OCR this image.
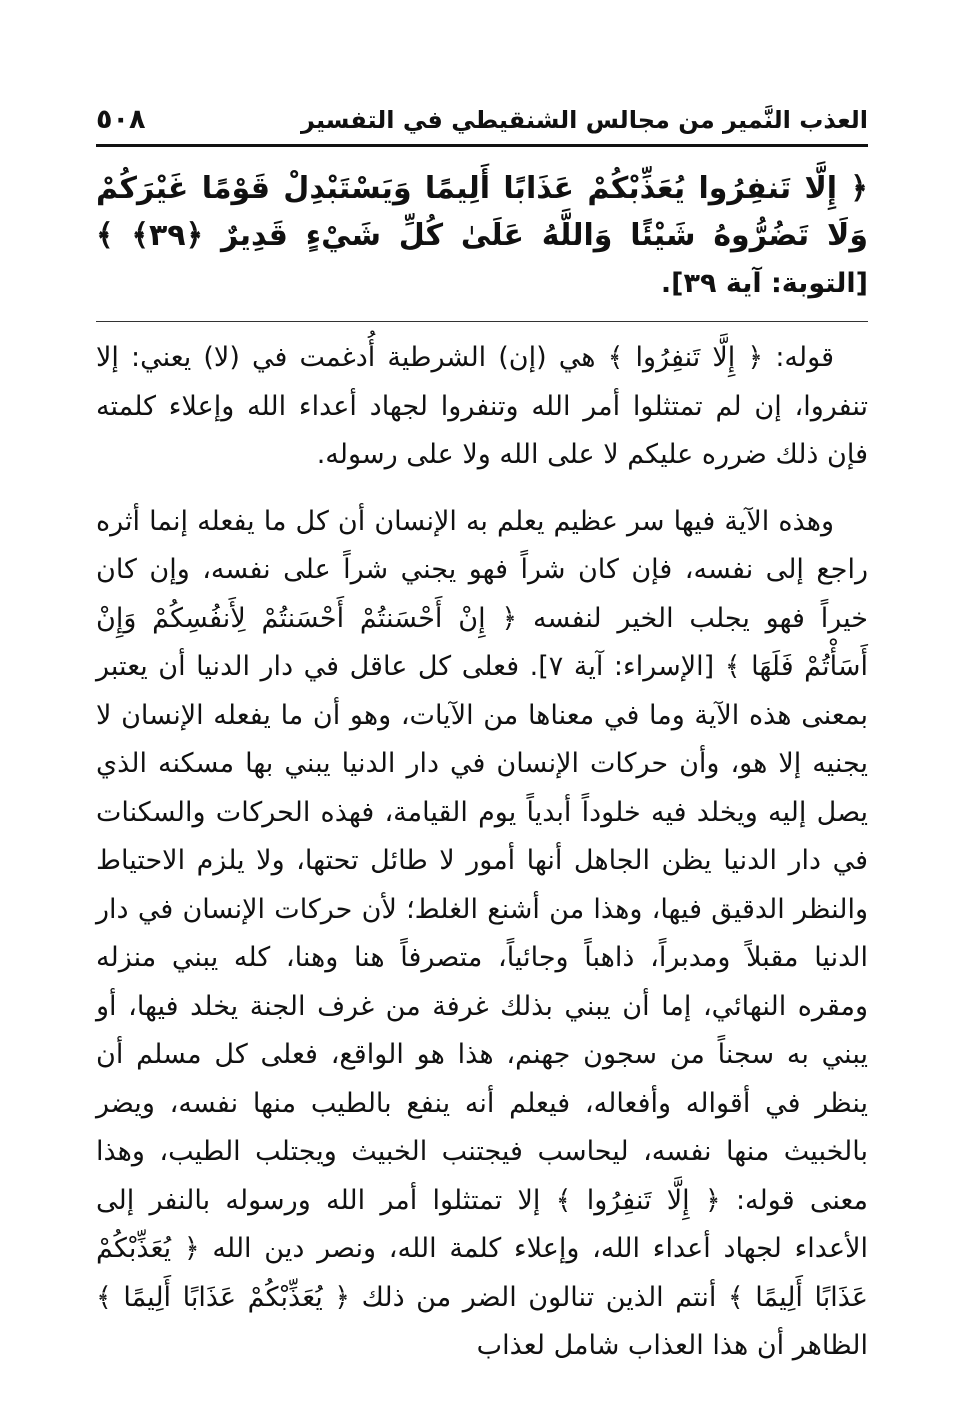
العذب النَّمير من مجالس الشنقيطي في التفسير
٥٠٨
﴿ إِلَّا تَنفِرُوا يُعَذِّبْكُمْ عَذَابًا أَلِيمًا وَيَسْتَبْدِلْ قَوْمًا غَيْرَكُمْ وَلَا تَضُرُّوهُ شَيْئًا وَاللَّهُ عَلَىٰ كُلِّ شَيْءٍ قَدِيرٌ ﴿٣٩﴾ ﴾ [التوبة: آية ٣٩].

قوله: ﴿ إِلَّا تَنفِرُوا ﴾ هي (إن) الشرطية أُدغمت في (لا) يعني: إلا تنفروا، إن لم تمتثلوا أمر الله وتنفروا لجهاد أعداء الله وإعلاء كلمته فإن ذلك ضرره عليكم لا على الله ولا على رسوله.

وهذه الآية فيها سر عظيم يعلم به الإنسان أن كل ما يفعله إنما أثره راجع إلى نفسه، فإن كان شراً فهو يجني شراً على نفسه، وإن كان خيراً فهو يجلب الخير لنفسه ﴿ إِنْ أَحْسَنتُمْ أَحْسَنتُمْ لِأَنفُسِكُمْ وَإِنْ أَسَأْتُمْ فَلَهَا ﴾ [الإسراء: آية ٧]. فعلى كل عاقل في دار الدنيا أن يعتبر بمعنى هذه الآية وما في معناها من الآيات، وهو أن ما يفعله الإنسان لا يجنيه إلا هو، وأن حركات الإنسان في دار الدنيا يبني بها مسكنه الذي يصل إليه ويخلد فيه خلوداً أبدياً يوم القيامة، فهذه الحركات والسكنات في دار الدنيا يظن الجاهل أنها أمور لا طائل تحتها، ولا يلزم الاحتياط والنظر الدقيق فيها، وهذا من أشنع الغلط؛ لأن حركات الإنسان في دار الدنيا مقبلاً ومدبراً، ذاهباً وجائياً، متصرفاً هنا وهنا، كله يبني منزله ومقره النهائي، إما أن يبني بذلك غرفة من غرف الجنة يخلد فيها، أو يبني به سجناً من سجون جهنم، هذا هو الواقع، فعلى كل مسلم أن ينظر في أقواله وأفعاله، فيعلم أنه ينفع بالطيب منها نفسه، ويضر بالخبيث منها نفسه، ليحاسب فيجتنب الخبيث ويجتلب الطيب، وهذا معنى قوله: ﴿ إِلَّا تَنفِرُوا ﴾ إلا تمتثلوا أمر الله ورسوله بالنفر إلى الأعداء لجهاد أعداء الله، وإعلاء كلمة الله، ونصر دين الله ﴿ يُعَذِّبْكُمْ عَذَابًا أَلِيمًا ﴾ أنتم الذين تنالون الضر من ذلك ﴿ يُعَذِّبْكُمْ عَذَابًا أَلِيمًا ﴾ الظاهر أن هذا العذاب شامل لعذاب
